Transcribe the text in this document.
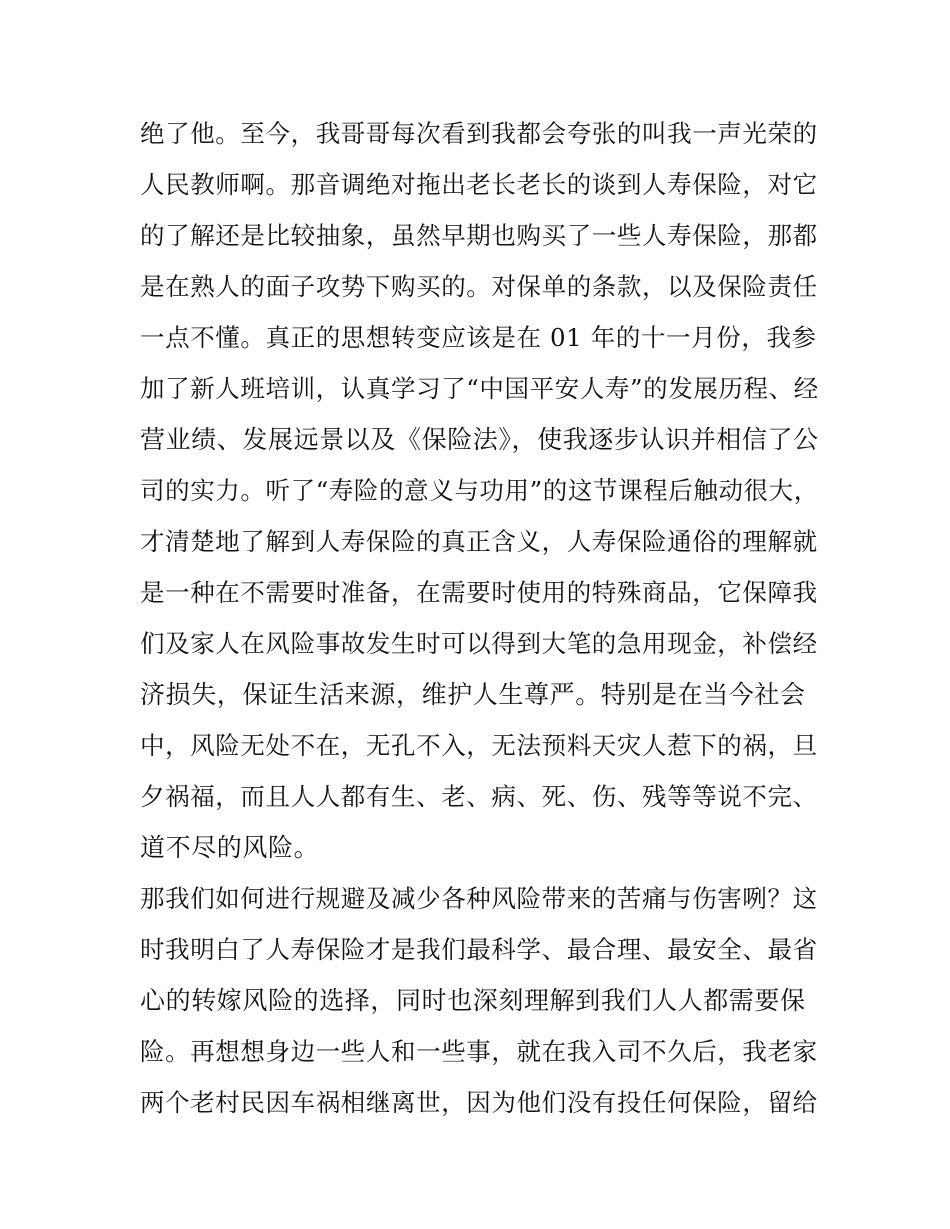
绝了他。至今，我哥哥每次看到我都会夸张的叫我一声光荣的
人民教师啊。那音调绝对拖出老长老长的谈到人寿保险，对它
的了解还是比较抽象，虽然早期也购买了一些人寿保险，那都
是在熟人的面子攻势下购买的。对保单的条款，以及保险责任
一点不懂。真正的思想转变应该是在 01 年的十一月份，我参
加了新人班培训，认真学习了“中国平安人寿”的发展历程、经
营业绩、发展远景以及《保险法》，使我逐步认识并相信了公
司的实力。听了“寿险的意义与功用”的这节课程后触动很大，
才清楚地了解到人寿保险的真正含义，人寿保险通俗的理解就
是一种在不需要时准备，在需要时使用的特殊商品，它保障我
们及家人在风险事故发生时可以得到大笔的急用现金，补偿经
济损失，保证生活来源，维护人生尊严。特别是在当今社会
中，风险无处不在，无孔不入，无法预料天灾人惹下的祸，旦
夕祸福，而且人人都有生、老、病、死、伤、残等等说不完、
道不尽的风险。
那我们如何进行规避及减少各种风险带来的苦痛与伤害咧？这
时我明白了人寿保险才是我们最科学、最合理、最安全、最省
心的转嫁风险的选择，同时也深刻理解到我们人人都需要保
险。再想想身边一些人和一些事，就在我入司不久后，我老家
两个老村民因车祸相继离世，因为他们没有投任何保险，留给
